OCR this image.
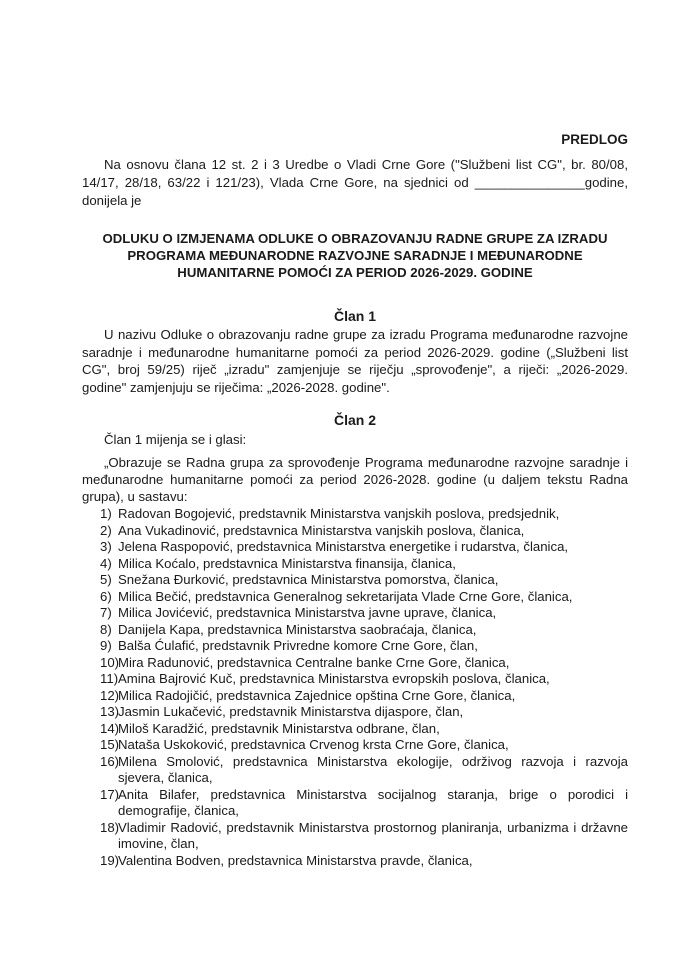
PREDLOG
Na osnovu člana 12 st. 2 i 3 Uredbe o Vladi Crne Gore ("Službeni list CG", br. 80/08, 14/17, 28/18, 63/22 i 121/23), Vlada Crne Gore, na sjednici od _______________godine, donijela je
ODLUKU O IZMJENAMA ODLUKE O OBRAZOVANJU RADNE GRUPE ZA IZRADU PROGRAMA MEĐUNARODNE RAZVOJNE SARADNJE I MEĐUNARODNE HUMANITARNE POMOĆI ZA PERIOD 2026-2029. GODINE
Član 1
U nazivu Odluke o obrazovanju radne grupe za izradu Programa međunarodne razvojne saradnje i međunarodne humanitarne pomoći za period 2026-2029. godine („Službeni list CG", broj 59/25) riječ „izradu" zamjenjuje se riječju „sprovođenje", a riječi: „2026-2029. godine" zamjenjuju se riječima: „2026-2028. godine".
Član 2
Član 1 mijenja se i glasi:
„Obrazuje se Radna grupa za sprovođenje Programa međunarodne razvojne saradnje i međunarodne humanitarne pomoći za period 2026-2028. godine (u daljem tekstu Radna grupa), u sastavu:
1) Radovan Bogojević, predstavnik Ministarstva vanjskih poslova, predsjednik,
2) Ana Vukadinović, predstavnica Ministarstva vanjskih poslova, članica,
3) Jelena Raspopović, predstavnica Ministarstva energetike i rudarstva, članica,
4) Milica Koćalo, predstavnica Ministarstva finansija, članica,
5) Snežana Đurković, predstavnica Ministarstva pomorstva, članica,
6) Milica Bečić, predstavnica Generalnog sekretarijata Vlade Crne Gore, članica,
7) Milica Jovićević, predstavnica Ministarstva javne uprave, članica,
8) Danijela Kapa, predstavnica Ministarstva saobraćaja, članica,
9) Balša Ćulafić, predstavnik Privredne komore Crne Gore, član,
10)
Mira Radunović, predstavnica Centralne banke Crne Gore, članica,
11) Amina Bajrović Kuč, predstavnica Ministarstva evropskih poslova, članica,
12)
Milica Radojičić, predstavnica Zajednice opština Crne Gore, članica,
13)
Jasmin Lukačević, predstavnik Ministarstva dijaspore, član,
14)
Miloš Karadžić, predstavnik Ministarstva odbrane, član,
15)
Nataša Uskoković, predstavnica Crvenog krsta Crne Gore, članica,
16)
Milena Smolović, predstavnica Ministarstva ekologije, održivog razvoja i razvoja sjevera, članica,
17)
Anita Bilafer, predstavnica Ministarstva socijalnog staranja, brige o porodici i demografije, članica,
18)
Vladimir Radović, predstavnik Ministarstva prostornog planiranja, urbanizma i državne imovine, član,
19)
Valentina Bodven, predstavnica Ministarstva pravde, članica,
